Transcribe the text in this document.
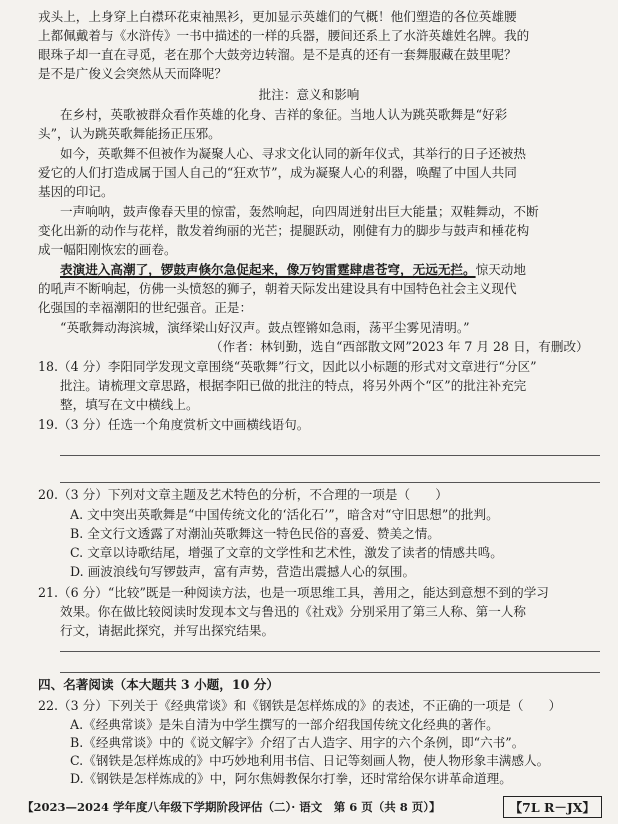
戎头上，上身穿上白襟环花束袖黑衫，更加显示英雄们的气概！他们塑造的各位英雄腰
上都佩戴着与《水浒传》一书中描述的一样的兵器，腰间还系上了水浒英雄姓名牌。我的
眼珠子却一直在寻觅，老在那个大鼓旁边转溜。是不是真的还有一套舞服藏在鼓里呢？
是不是广俊义会突然从天而降呢？
批注：意义和影响
在乡村，英歌被群众看作英雄的化身、吉祥的象征。当地人认为跳英歌舞是“好彩
头”，认为跳英歌舞能扬正压邪。
如今，英歌舞不但被作为凝聚人心、寻求文化认同的新年仪式，其举行的日子还被热
爱它的人们打造成属于国人自己的“狂欢节”，成为凝聚人心的利器，唤醒了中国人共同
基因的印记。
一声响呐，鼓声像春天里的惊雷，轰然响起，向四周迸射出巨大能量；双鞋舞动，不断
变化出新的动作与花样，散发着绚丽的光芒；提腿跃动，刚健有力的脚步与鼓声和棰花构
成一幅阳刚恢宏的画卷。
表演进入高潮了，锣鼓声倏尔急促起来，像万钧雷霆肆虐苍穹，无远无拦。惊天动地
的吼声不断响起，仿佛一头愤怒的狮子，朝着天际发出建设具有中国特色社会主义现代
化强国的幸福潮阳的世纪强音。正是：
“英歌舞动海滨城，演绎梁山好汉声。鼓点铿锵如急雨，荡平尘雾见清明。”
（作者：林钊勤，选自“西部散文网”2023 年 7 月 28 日，有删改）
18.（4 分）李阳同学发现文章围绕“英歌舞”行文，因此以小标题的形式对文章进行“分区”
批注。请梳理文章思路，根据李阳已做的批注的特点，将另外两个“区”的批注补充完
整，填写在文中横线上。
19.（3 分）任选一个角度赏析文中画横线语句。
20.（3 分）下列对文章主题及艺术特色的分析，不合理的一项是（　　）
A. 文中突出英歌舞是“中国传统文化的‘活化石’”，暗含对“守旧思想”的批判。
B. 全文行文透露了对潮汕英歌舞这一特色民俗的喜爱、赞美之情。
C. 文章以诗歌结尾，增强了文章的文学性和艺术性，激发了读者的情感共鸣。
D. 画波浪线句写锣鼓声，富有声势，营造出震撼人心的氛围。
21.（6 分）“比较”既是一种阅读方法，也是一项思维工具，善用之，能达到意想不到的学习
效果。你在做比较阅读时发现本文与鲁迅的《社戏》分别采用了第三人称、第一人称
行文，请据此探究，并写出探究结果。
四、名著阅读（本大题共 3 小题，10 分）
22.（3 分）下列关于《经典常谈》和《钢铁是怎样炼成的》的表述，不正确的一项是（　　）
A.《经典常谈》是朱自清为中学生撰写的一部介绍我国传统文化经典的著作。
B.《经典常谈》中的《说文解字》介绍了古人造字、用字的六个条例，即“六书”。
C.《钢铁是怎样炼成的》中巧妙地利用书信、日记等刻画人物，使人物形象丰满感人。
D.《钢铁是怎样炼成的》中，阿尔焦姆教保尔打拳，还时常给保尔讲革命道理。
【2023—2024 学年度八年级下学期阶段评估（二）· 语文　第 6 页（共 8 页）】	【7L R－JX】
